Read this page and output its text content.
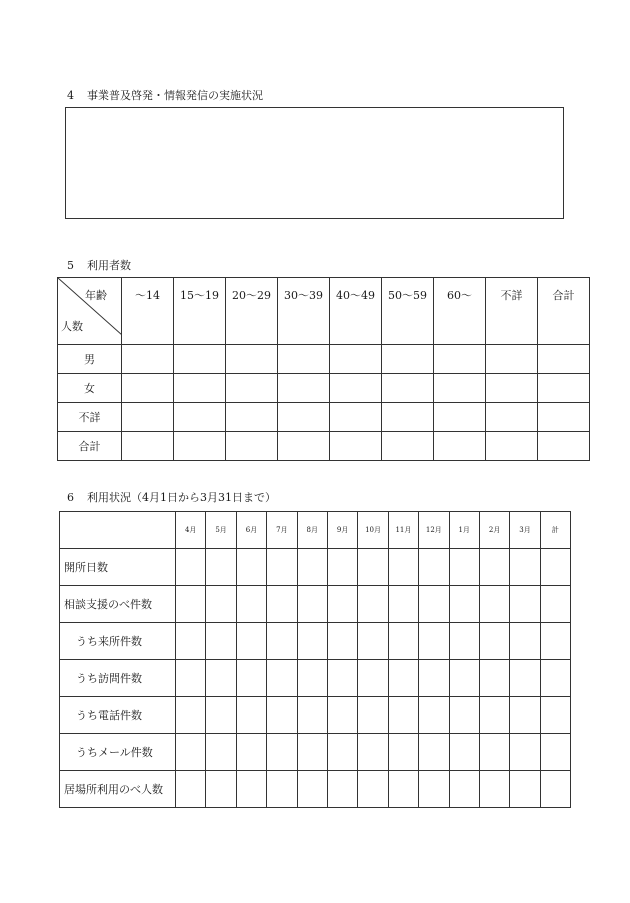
4 事業普及啓発・情報発信の実施状況
5 利用者数
年齢
人数	〜14	15〜19	20〜29	30〜39	40〜49	50〜59	60〜	不詳	合計
男									
女									
不詳									
合計									
6 利用状況（4月1日から3月31日まで）
	4月	5月	6月	7月	8月	9月	10月	11月	12月	1月	2月	3月	計
開所日数													
相談支援のべ件数													
うち来所件数													
うち訪問件数													
うち電話件数													
うちメール件数													
居場所利用のべ人数													
